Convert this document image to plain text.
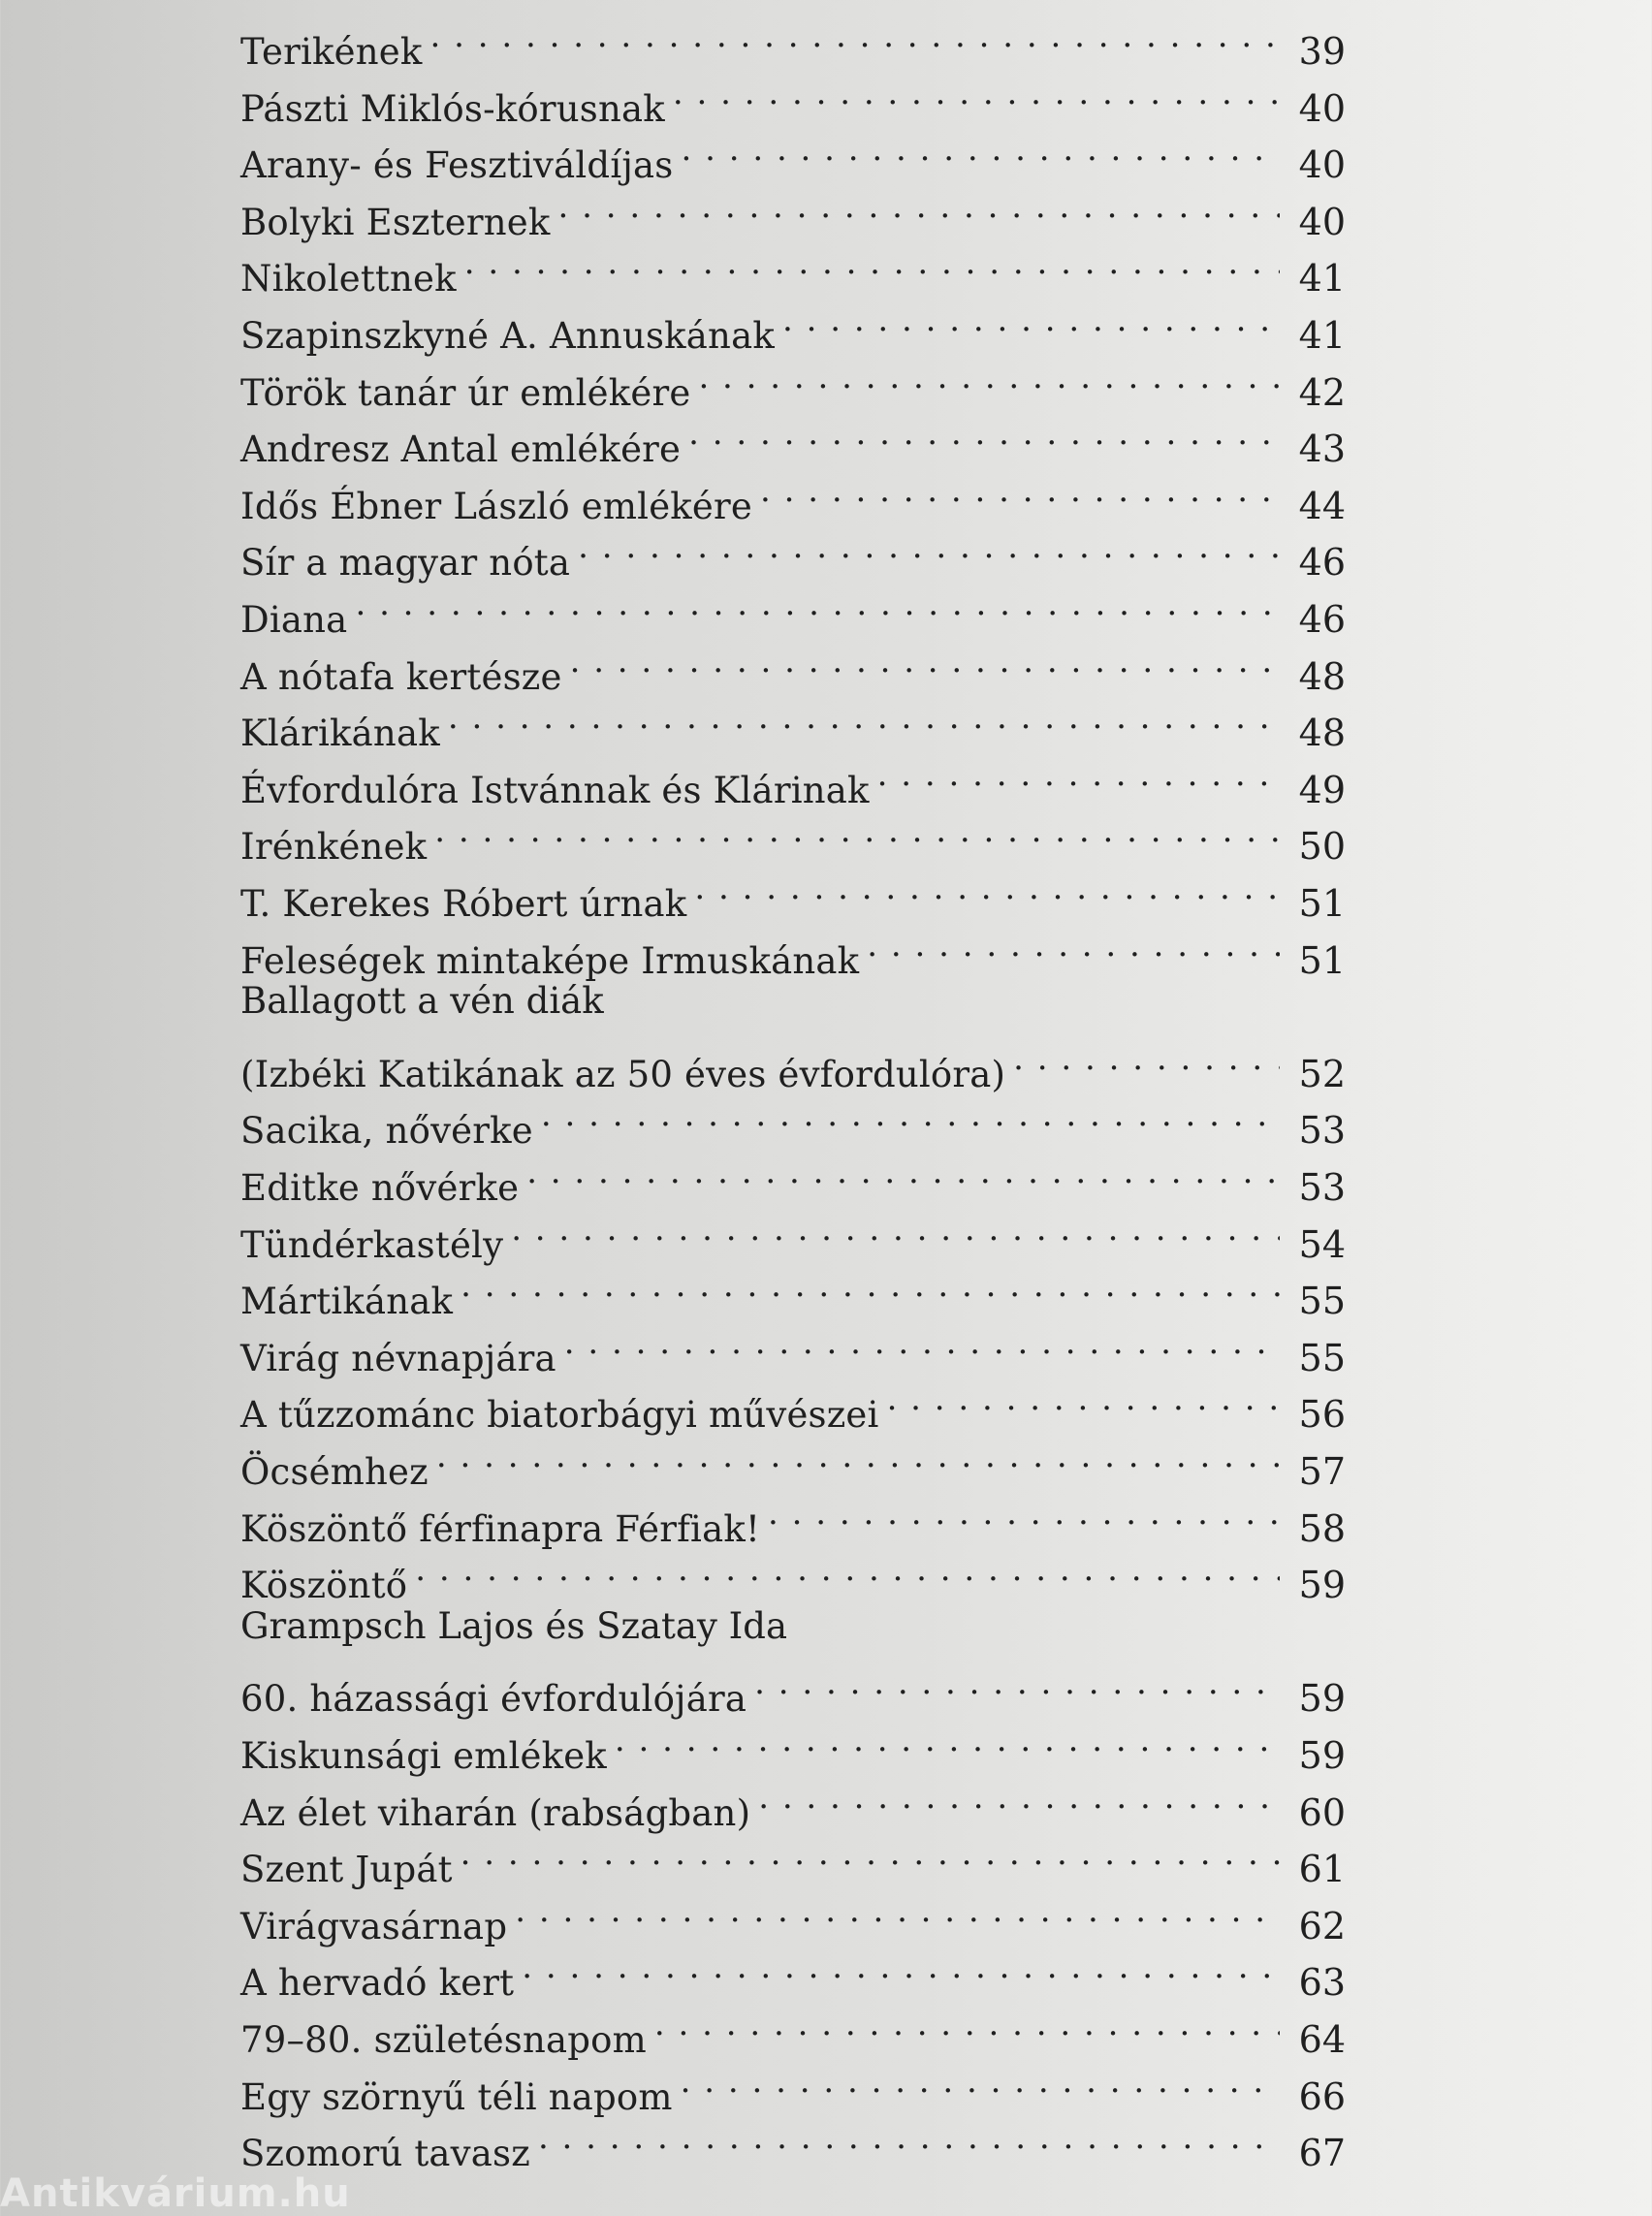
Terikének . . .	39
Pászti Miklós-kórusnak . . .	40
Arany- és Fesztiváldíjas . . .	40
Bolyki Eszternek . . .	40
Nikolettnek . . .	41
Szapinszkyné A. Annuskának . . .	41
Török tanár úr emlékére . . .	42
Andresz Antal emlékére . . .	43
Idős Ébner László emlékére . . .	44
Sír a magyar nóta . . .	46
Diana . . .	46
A nótafa kertésze . . .	48
Klárikának . . .	48
Évfordulóra Istvánnak és Klárinak . . .	49
Irénkének . . .	50
T. Kerekes Róbert úrnak . . .	51
Feleségek mintaképe Irmuskának . . .	51
Ballagott a vén diák
(Izbéki Katikának az 50 éves évfordulóra) . . .	52
Sacika, nővérke . . .	53
Editke nővérke . . .	53
Tündérkastély . . .	54
Mártikának . . .	55
Virág névnapjára . . .	55
A tűzzománc biatorbágyi művészei . . .	56
Öcsémhez . . .	57
Köszöntő férfinapra Férfiak! . . .	58
Köszöntő . . .	59
Grampsch Lajos és Szatay Ida
60. házassági évfordulójára . . .	59
Kiskunsági emlékek . . .	59
Az élet viharán (rabságban) . . .	60
Szent Jupát . . .	61
Virágvasárnap . . .	62
A hervadó kert . . .	63
79–80. születésnapom . . .	64
Egy szörnyű téli napom . . .	66
Szomorú tavasz . . .	67
Antikvárium.hu
